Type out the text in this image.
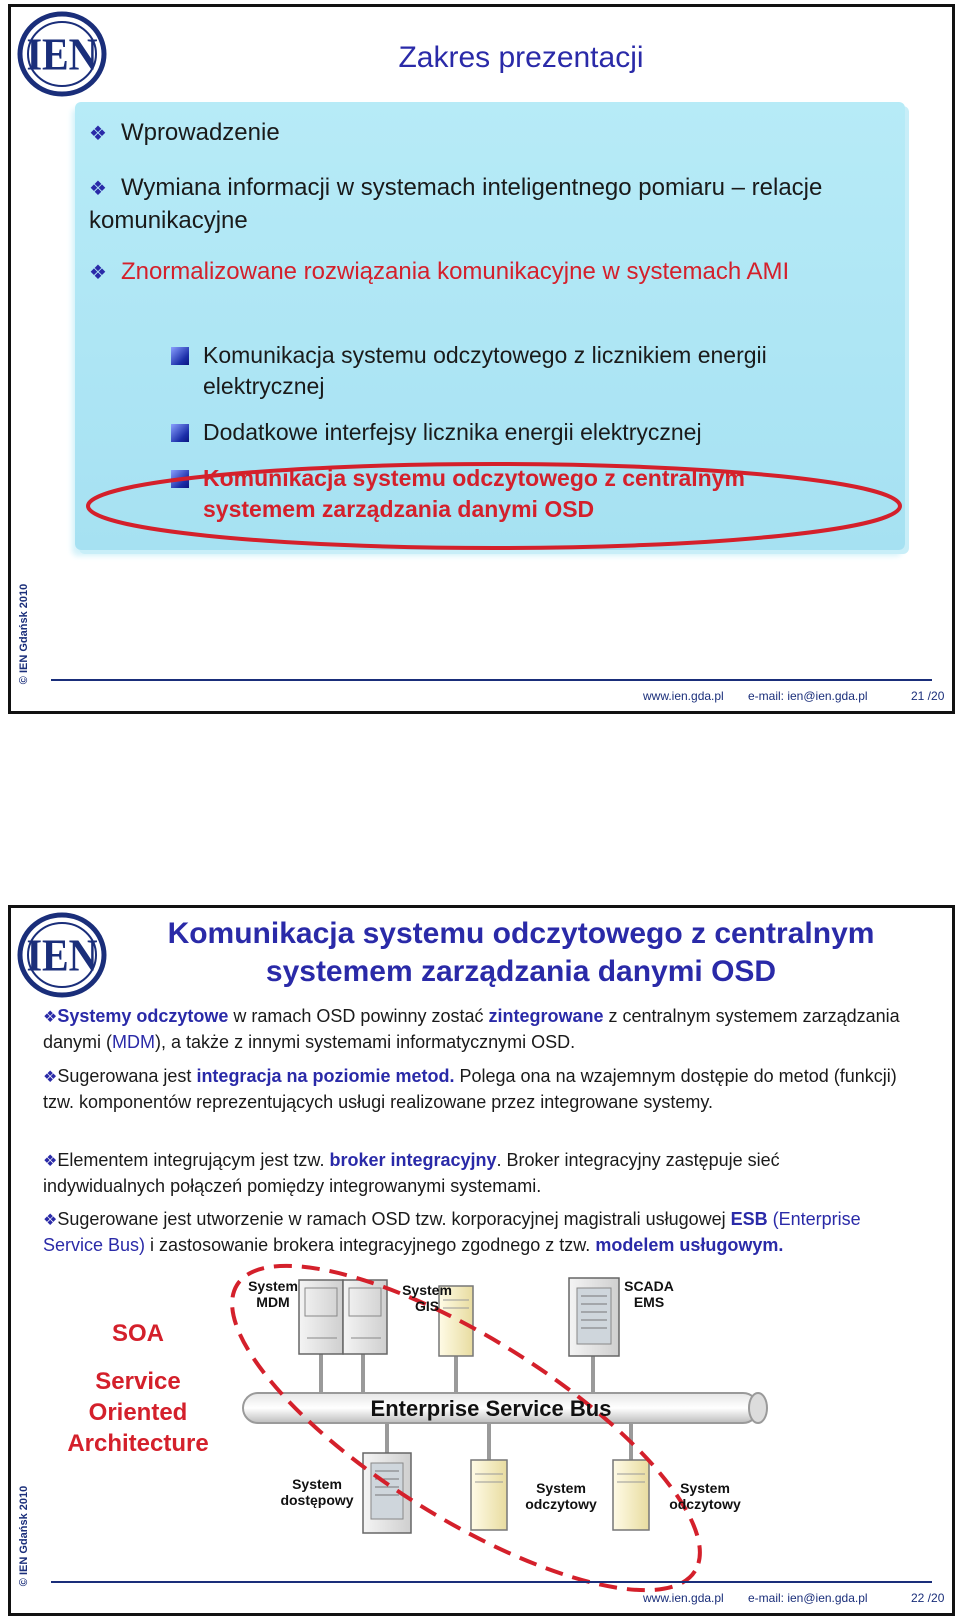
IEN	Zakres prezentacji
❖ Wprowadzenie
❖ Wymiana informacji w systemach inteligentnego pomiaru – relacje komunikacyjne
❖ Znormalizowane rozwiązania komunikacyjne w systemach AMI
Komunikacja systemu odczytowego z licznikiem energii elektrycznej
Dodatkowe interfejsy licznika energii elektrycznej
Komunikacja systemu odczytowego z centralnym systemem zarządzania danymi OSD
© IEN Gdańsk 2010
www.ien.gda.pl e-mail: ien@ien.gda.pl	21 /20
IEN	Komunikacja systemu odczytowego z centralnym
systemem zarządzania danymi OSD
❖Systemy odczytowe w ramach OSD powinny zostać zintegrowane z centralnym systemem zarządzania danymi (MDM), a także z innymi systemami informatycznymi OSD.
❖Sugerowana jest integracja na poziomie metod. Polega ona na wzajemnym dostępie do metod (funkcji) tzw. komponentów reprezentujących usługi realizowane przez integrowane systemy.
❖Elementem integrującym jest tzw. broker integracyjny. Broker integracyjny zastępuje sieć indywidualnych połączeń pomiędzy integrowanymi systemami.
❖Sugerowane jest utworzenie w ramach OSD tzw. korporacyjnej magistrali usługowej ESB (Enterprise Service Bus) i zastosowanie brokera integracyjnego zgodnego z tzw. modelem usługowym.
SOA
Service
Oriented
Architecture
System
MDM
System
GIS
SCADA
EMS
Enterprise Service Bus
System
dostępowy
System
odczytowy
System
odczytowy
© IEN Gdańsk 2010
www.ien.gda.pl e-mail: ien@ien.gda.pl	22 /20
